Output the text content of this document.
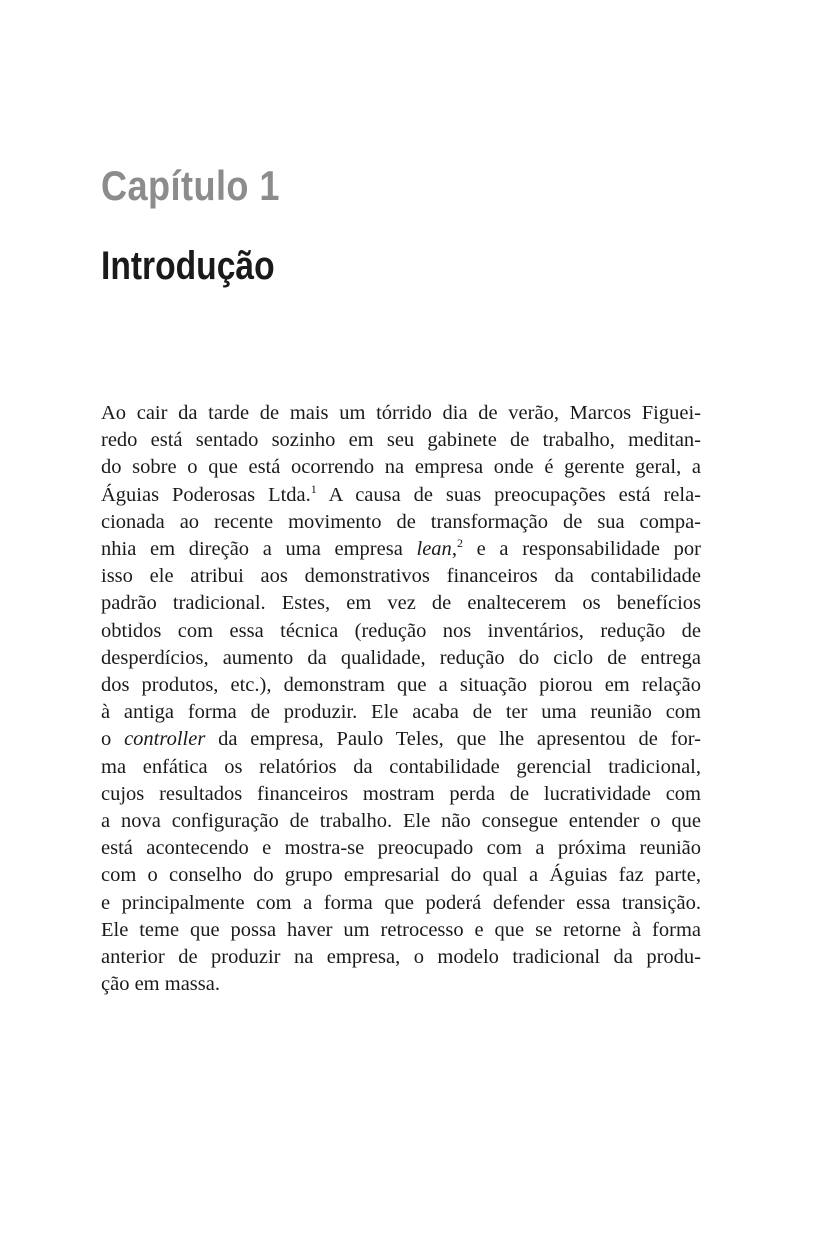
Capítulo 1
Introdução
Ao cair da tarde de mais um tórrido dia de verão, Marcos Figuei-
redo está sentado sozinho em seu gabinete de trabalho, meditan-
do sobre o que está ocorrendo na empresa onde é gerente geral, a
Águias Poderosas Ltda.$^1$ A causa de suas preocupações está rela-
cionada ao recente movimento de transformação de sua compa-
nhia em direção a uma empresa lean,$^2$ e a responsabilidade por
isso ele atribui aos demonstrativos financeiros da contabilidade
padrão tradicional. Estes, em vez de enaltecerem os benefícios
obtidos com essa técnica (redução nos inventários, redução de
desperdícios, aumento da qualidade, redução do ciclo de entrega
dos produtos, etc.), demonstram que a situação piorou em relação
à antiga forma de produzir. Ele acaba de ter uma reunião com
o controller da empresa, Paulo Teles, que lhe apresentou de for-
ma enfática os relatórios da contabilidade gerencial tradicional,
cujos resultados financeiros mostram perda de lucratividade com
a nova configuração de trabalho. Ele não consegue entender o que
está acontecendo e mostra-se preocupado com a próxima reunião
com o conselho do grupo empresarial do qual a Águias faz parte,
e principalmente com a forma que poderá defender essa transição.
Ele teme que possa haver um retrocesso e que se retorne à forma
anterior de produzir na empresa, o modelo tradicional da produ-
ção em massa.
